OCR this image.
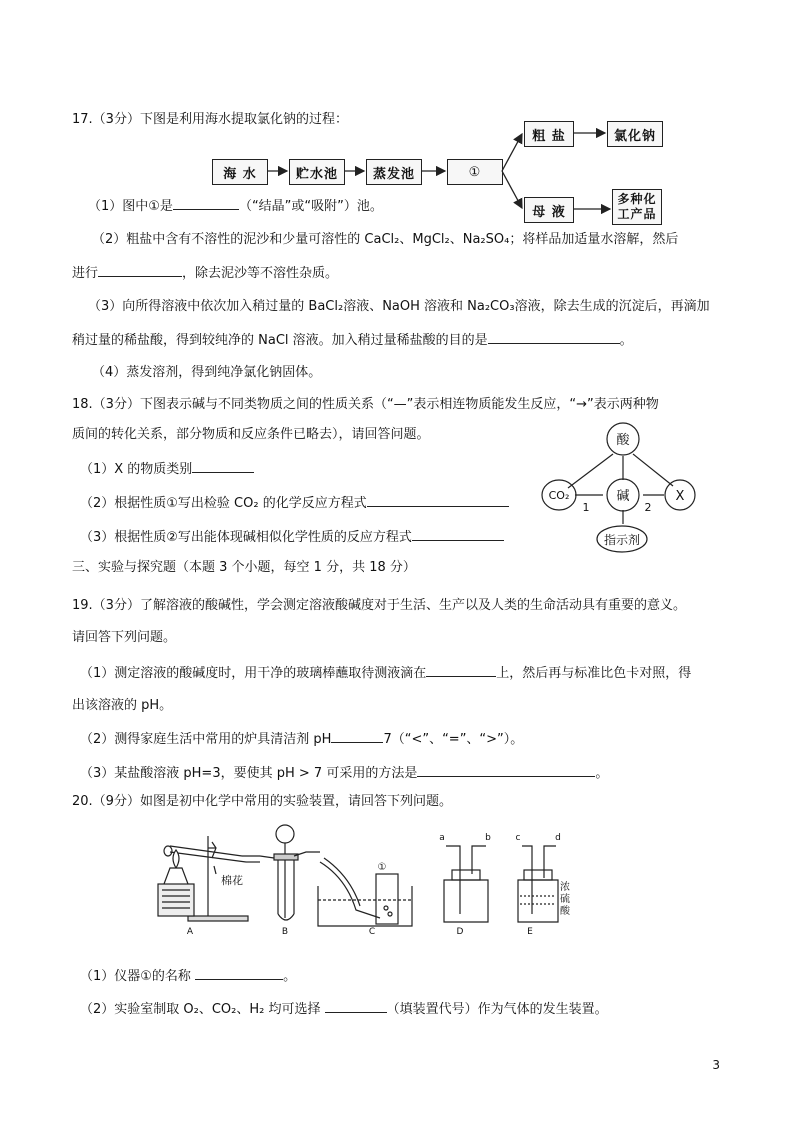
17.（3分）下图是利用海水提取氯化钠的过程：
海 水	贮水池	蒸发池	①
粗 盐	氯化钠
母 液
多种化工产品
（1）图中①是	（“结晶”或“吸附”）池。
（2）粗盐中含有不溶性的泥沙和少量可溶性的 CaCl₂、MgCl₂、Na₂SO₄；将样品加适量水溶解，然后
进行	，除去泥沙等不溶性杂质。
（3）向所得溶液中依次加入稍过量的 BaCl₂溶液、NaOH 溶液和 Na₂CO₃溶液，除去生成的沉淀后，再滴加
稍过量的稀盐酸，得到较纯净的 NaCl 溶液。加入稍过量稀盐酸的目的是	。
（4）蒸发溶剂，得到纯净氯化钠固体。
18.（3分）下图表示碱与不同类物质之间的性质关系（“—”表示相连物质能发生反应，“→”表示两种物
质间的转化关系，部分物质和反应条件已略去），请回答问题。
（1）X 的物质类别
（2）根据性质①写出检验 CO₂ 的化学反应方程式
（3）根据性质②写出能体现碱相似化学性质的反应方程式
酸
CO₂	碱	X
指示剂
1	2
三、实验与探究题（本题 3 个小题，每空 1 分，共 18 分）
19.（3分）了解溶液的酸碱性，学会测定溶液酸碱度对于生活、生产以及人类的生命活动具有重要的意义。
请回答下列问题。
（1）测定溶液的酸碱度时，用干净的玻璃棒蘸取待测液滴在	上，然后再与标准比色卡对照，得
出该溶液的 pH。
（2）测得家庭生活中常用的炉具清洁剂 pH	7（“<”、“=”、“>”）。
（3）某盐酸溶液 pH=3，要使其 pH > 7 可采用的方法是	。
20.（9分）如图是初中化学中常用的实验装置，请回答下列问题。
A	B	C	D	E
棉花
①
a	b	c	d
浓
硫
酸
（1）仪器①的名称	。
（2）实验室制取 O₂、CO₂、H₂ 均可选择	（填装置代号）作为气体的发生装置。
3
